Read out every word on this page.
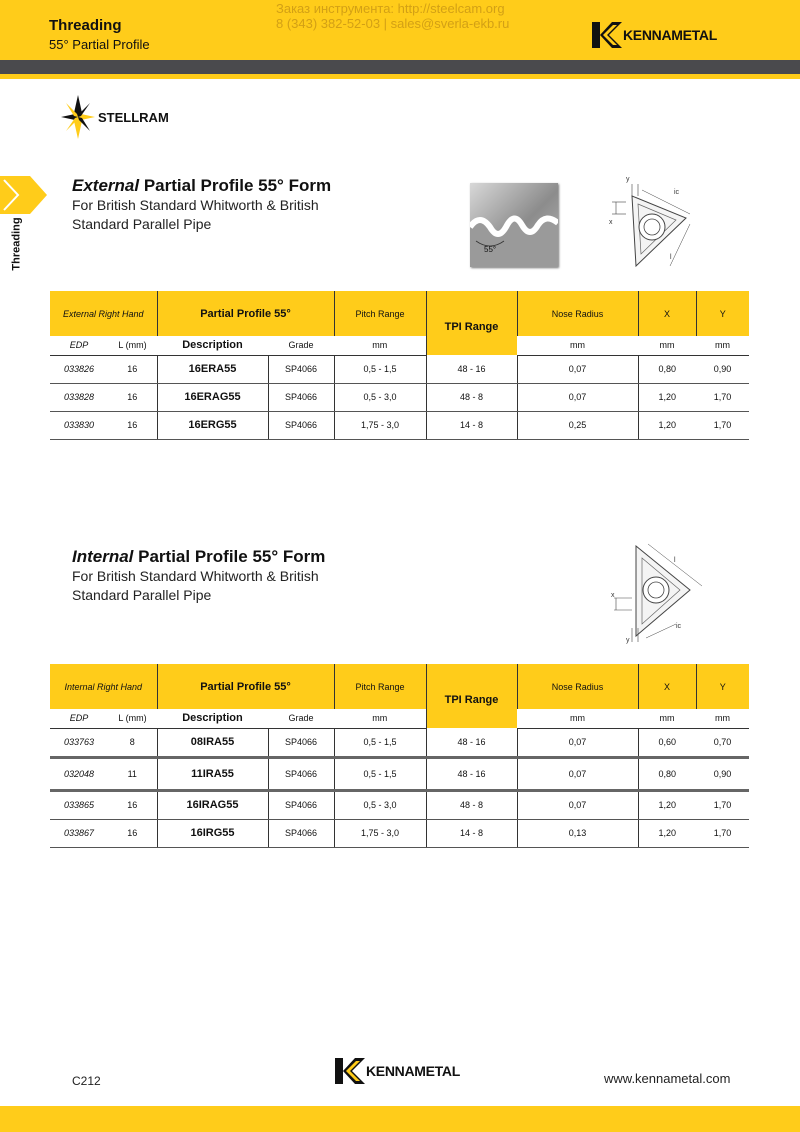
Threading
55° Partial Profile
Заказ инструмента: http://steelcam.org
8 (343) 382-52-03 | sales@sverla-ekb.ru
KENNAMETAL
STELLRAM
Threading
External Partial Profile 55° Form
For British Standard Whitworth & British
Standard Parallel Pipe
55°
y
x
ic
l
External Right Hand		Partial Profile 55°		Pitch Range	TPI Range	Nose Radius	X	Y
EDP	L (mm)	Description	Grade	mm		mm	mm	mm
033826	16	16ERA55	SP4066	0,5 - 1,5	48 - 16	0,07	0,80	0,90
033828	16	16ERAG55	SP4066	0,5 - 3,0	48 - 8	0,07	1,20	1,70
033830	16	16ERG55	SP4066	1,75 - 3,0	14 - 8	0,25	1,20	1,70
Internal Partial Profile 55° Form
For British Standard Whitworth & British
Standard Parallel Pipe
l
x
ic
y
Internal Right Hand		Partial Profile 55°		Pitch Range	TPI Range	Nose Radius	X	Y
EDP	L (mm)	Description	Grade	mm		mm	mm	mm
033763	8	08IRA55	SP4066	0,5 - 1,5	48 - 16	0,07	0,60	0,70
032048	11	11IRA55	SP4066	0,5 - 1,5	48 - 16	0,07	0,80	0,90
033865	16	16IRAG55	SP4066	0,5 - 3,0	48 - 8	0,07	1,20	1,70
033867	16	16IRG55	SP4066	1,75 - 3,0	14 - 8	0,13	1,20	1,70
C212
KENNAMETAL	www.kennametal.com
